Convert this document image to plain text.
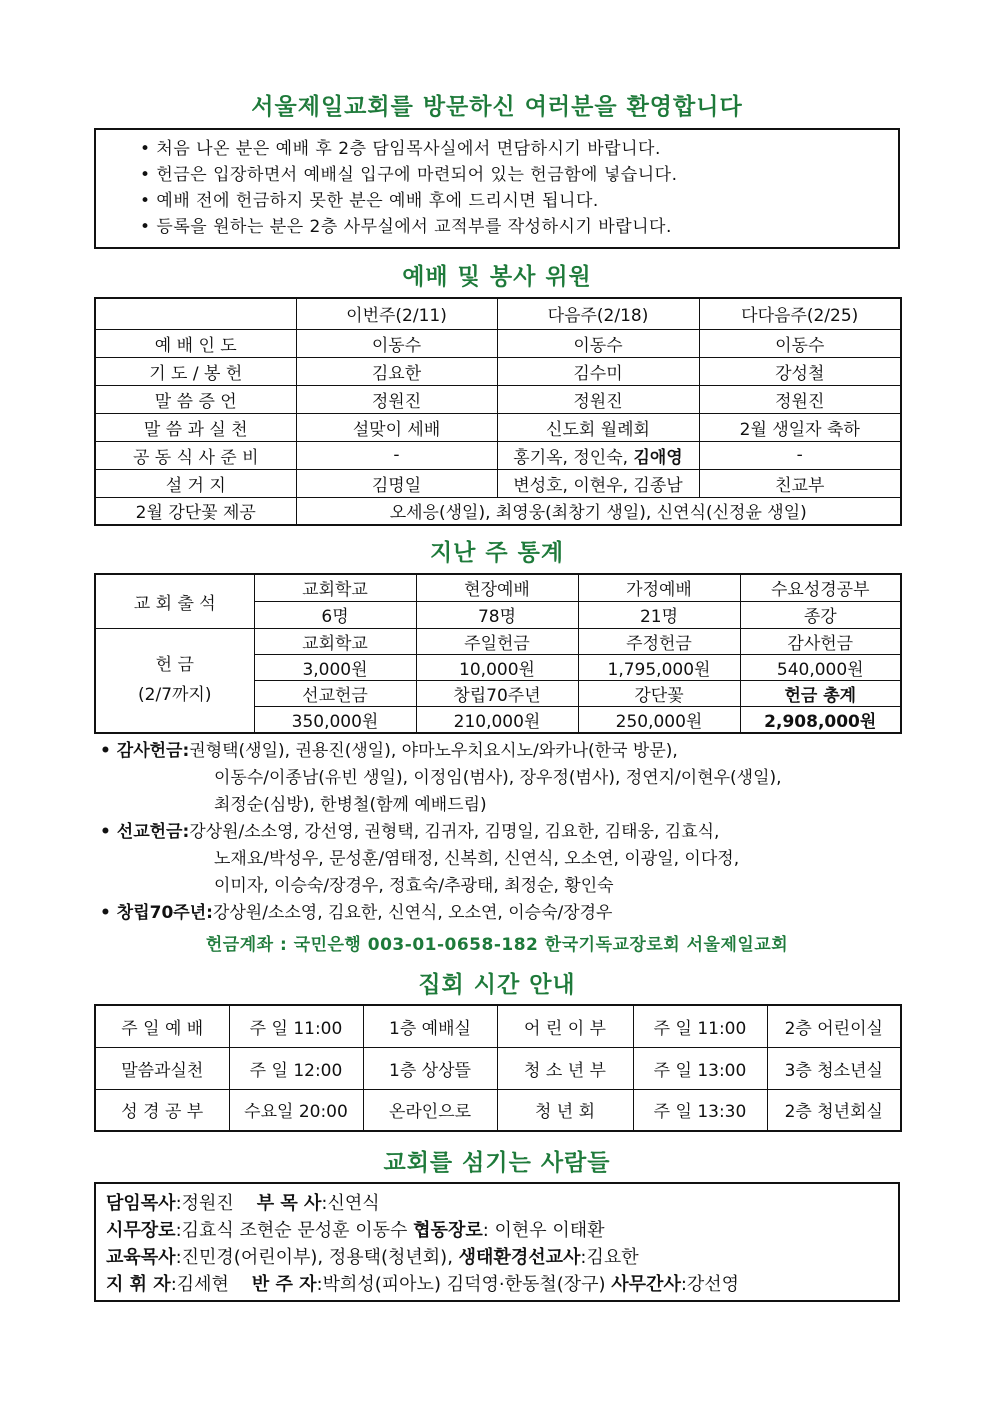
서울제일교회를 방문하신 여러분을 환영합니다
• 처음 나온 분은 예배 후 2층 담임목사실에서 면담하시기 바랍니다.
• 헌금은 입장하면서 예배실 입구에 마련되어 있는 헌금함에 넣습니다.
• 예배 전에 헌금하지 못한 분은 예배 후에 드리시면 됩니다.
• 등록을 원하는 분은 2층 사무실에서 교적부를 작성하시기 바랍니다.
예배 및 봉사 위원
	이번주(2/11)	다음주(2/18)	다다음주(2/25)
예 배 인 도	이동수	이동수	이동수
기 도 / 봉 헌	김요한	김수미	강성철
말 씀 증 언	정원진	정원진	정원진
말 씀 과 실 천	설맞이 세배	신도회 월례회	2월 생일자 축하
공 동 식 사 준 비	-	홍기옥, 정인숙, 김애영	-
설 거 지	김명일	변성호, 이현우, 김종남	친교부
2월 강단꽃 제공	오세응(생일), 최영웅(최창기 생일), 신연식(신정윤 생일)		
지난 주 통계
교 회 출 석	교회학교	현장예배	가정예배	수요성경공부
	6명	78명	21명	종강

헌 금
(2/7까지)	교회학교	주일헌금	주정헌금	감사헌금
	3,000원	10,000원	1,795,000원	540,000원
	선교헌금	창립70주년	강단꽃	헌금 총계
	350,000원	210,000원	250,000원	2,908,000원
• 감사헌금: 권형택(생일), 권용진(생일), 야마노우치요시노/와카나(한국 방문),
이동수/이종남(유빈 생일), 이정임(범사), 장우정(범사), 정연지/이현우(생일),
최정순(심방), 한병철(함께 예배드림)
• 선교헌금: 강상원/소소영, 강선영, 권형택, 김귀자, 김명일, 김요한, 김태웅, 김효식,
노재요/박성우, 문성훈/염태정, 신복희, 신연식, 오소연, 이광일, 이다정,
이미자, 이승숙/장경우, 정효숙/추광태, 최정순, 황인숙
• 창립70주년: 강상원/소소영, 김요한, 신연식, 오소연, 이승숙/장경우
헌금계좌 : 국민은행 003-01-0658-182 한국기독교장로회 서울제일교회
집회 시간 안내
주 일 예 배	주 일 11:00	1층 예배실	어 린 이 부	주 일 11:00	2층 어린이실
말씀과실천	주 일 12:00	1층 상상뜰	청 소 년 부	주 일 13:00	3층 청소년실
성 경 공 부	수요일 20:00	온라인으로	청 년 회	주 일 13:30	2층 청년회실
교회를 섬기는 사람들
담임목사:정원진 부 목 사:신연식
시무장로:김효식 조현순 문성훈 이동수 협동장로: 이현우 이태환
교육목사:진민경(어린이부), 정용택(청년회), 생태환경선교사:김요한
지 휘 자:김세현 반 주 자:박희성(피아노) 김덕영·한동철(장구) 사무간사:강선영
